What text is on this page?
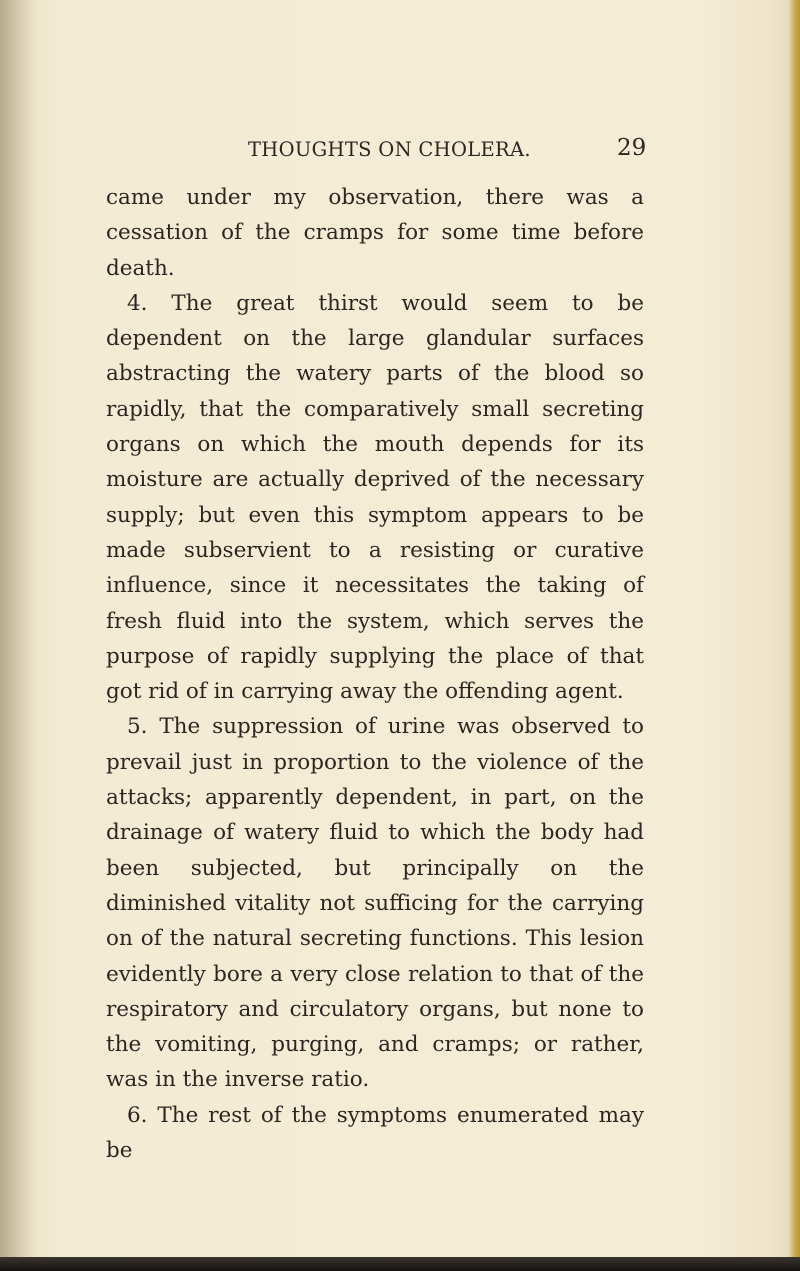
THOUGHTS ON CHOLERA.	29

came under my observation, there was a cessation of the cramps for some time before death.

4. The great thirst would seem to be dependent on the large glandular surfaces abstracting the watery parts of the blood so rapidly, that the comparatively small secreting organs on which the mouth depends for its moisture are actually deprived of the necessary supply; but even this symptom appears to be made subservient to a resisting or curative influence, since it necessitates the taking of fresh fluid into the system, which serves the purpose of rapidly supplying the place of that got rid of in carrying away the offending agent.

5. The suppression of urine was observed to prevail just in proportion to the violence of the attacks; apparently dependent, in part, on the drainage of watery fluid to which the body had been subjected, but principally on the diminished vitality not sufficing for the carrying on of the natural secreting functions. This lesion evidently bore a very close relation to that of the respiratory and circulatory organs, but none to the vomiting, purging, and cramps; or rather, was in the inverse ratio.

6. The rest of the symptoms enumerated may be
